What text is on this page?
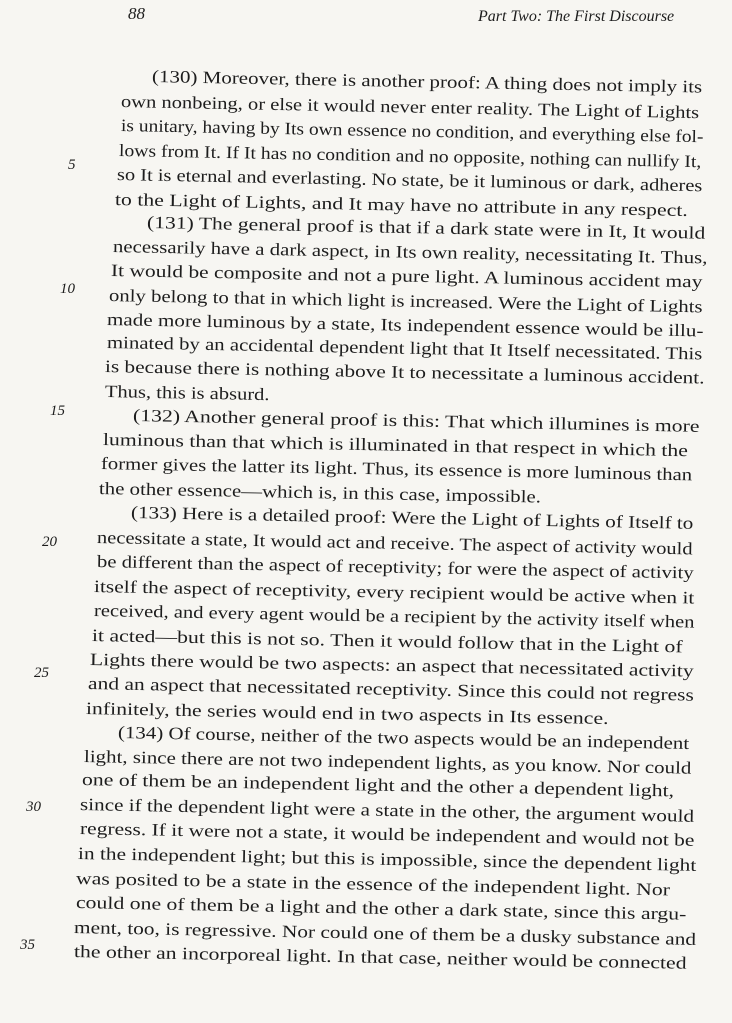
88	Part Two: The First Discourse
(130) Moreover, there is another proof: A thing does not imply its
own nonbeing, or else it would never enter reality. The Light of Lights
is unitary, having by Its own essence no condition, and everything else fol-
lows from It. If It has no condition and no opposite, nothing can nullify It,
so It is eternal and everlasting. No state, be it luminous or dark, adheres
to the Light of Lights, and It may have no attribute in any respect.
(131) The general proof is that if a dark state were in It, It would
necessarily have a dark aspect, in Its own reality, necessitating It. Thus,
It would be composite and not a pure light. A luminous accident may
only belong to that in which light is increased. Were the Light of Lights
made more luminous by a state, Its independent essence would be illu-
minated by an accidental dependent light that It Itself necessitated. This
is because there is nothing above It to necessitate a luminous accident.
Thus, this is absurd.
(132) Another general proof is this: That which illumines is more
luminous than that which is illuminated in that respect in which the
former gives the latter its light. Thus, its essence is more luminous than
the other essence—which is, in this case, impossible.
(133) Here is a detailed proof: Were the Light of Lights of Itself to
necessitate a state, It would act and receive. The aspect of activity would
be different than the aspect of receptivity; for were the aspect of activity
itself the aspect of receptivity, every recipient would be active when it
received, and every agent would be a recipient by the activity itself when
it acted—but this is not so. Then it would follow that in the Light of
Lights there would be two aspects: an aspect that necessitated activity
and an aspect that necessitated receptivity. Since this could not regress
infinitely, the series would end in two aspects in Its essence.
(134) Of course, neither of the two aspects would be an independent
light, since there are not two independent lights, as you know. Nor could
one of them be an independent light and the other a dependent light,
since if the dependent light were a state in the other, the argument would
regress. If it were not a state, it would be independent and would not be
in the independent light; but this is impossible, since the dependent light
was posited to be a state in the essence of the independent light. Nor
could one of them be a light and the other a dark state, since this argu-
ment, too, is regressive. Nor could one of them be a dusky substance and
the other an incorporeal light. In that case, neither would be connected
5
10
15
20
25
30
35
